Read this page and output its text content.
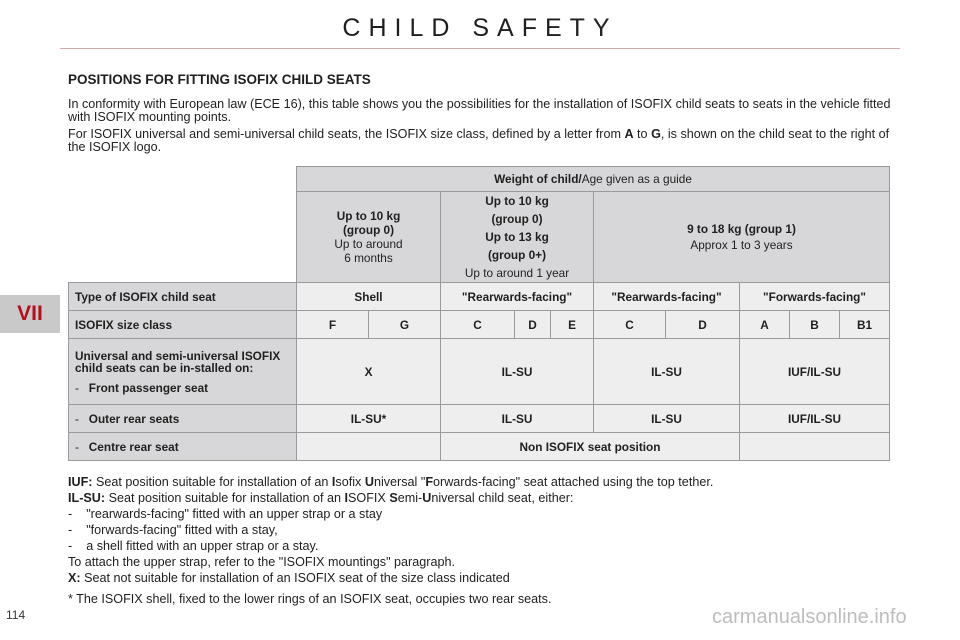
CHILD SAFETY
VII
114
POSITIONS FOR FITTING ISOFIX CHILD SEATS
In conformity with European law (ECE 16), this table shows you the possibilities for the installation of ISOFIX child seats to seats in the vehicle fitted with ISOFIX mounting points.
For ISOFIX universal and semi-universal child seats, the ISOFIX size class, defined by a letter from A to G, is shown on the child seat to the right of the ISOFIX logo.
	Weight of child/Age given as a guide									
	Up to 10 kg
(group 0)
Up to around
6 months		Up to 10 kg
(group 0)
Up to 13 kg
(group 0+)
Up to around 1 year			9 to 18 kg (group 1)
Approx 1 to 3 years				
Type of ISOFIX child seat	Shell		"Rearwards-facing"			"Rearwards-facing"		"Forwards-facing"		
ISOFIX size class	F	G	C	D	E	C	D	A	B	B1

Universal and semi-universal ISOFIX child seats can be in-stalled on:
- Front passenger seat	X		IL-SU			IL-SU		IUF/IL-SU		
- Outer rear seats	IL-SU*		IL-SU			IL-SU		IUF/IL-SU		
- Centre rear seat			Non ISOFIX seat position							
IUF: Seat position suitable for installation of an Isofix Universal "Forwards-facing" seat attached using the top tether.
IL-SU: Seat position suitable for installation of an ISOFIX Semi-Universal child seat, either:
-    "rearwards-facing" fitted with an upper strap or a stay
-    "forwards-facing" fitted with a stay,
-    a shell fitted with an upper strap or a stay.
To attach the upper strap, refer to the "ISOFIX mountings" paragraph.
X: Seat not suitable for installation of an ISOFIX seat of the size class indicated
* The ISOFIX shell, fixed to the lower rings of an ISOFIX seat, occupies two rear seats.
carmanualsonline.info
